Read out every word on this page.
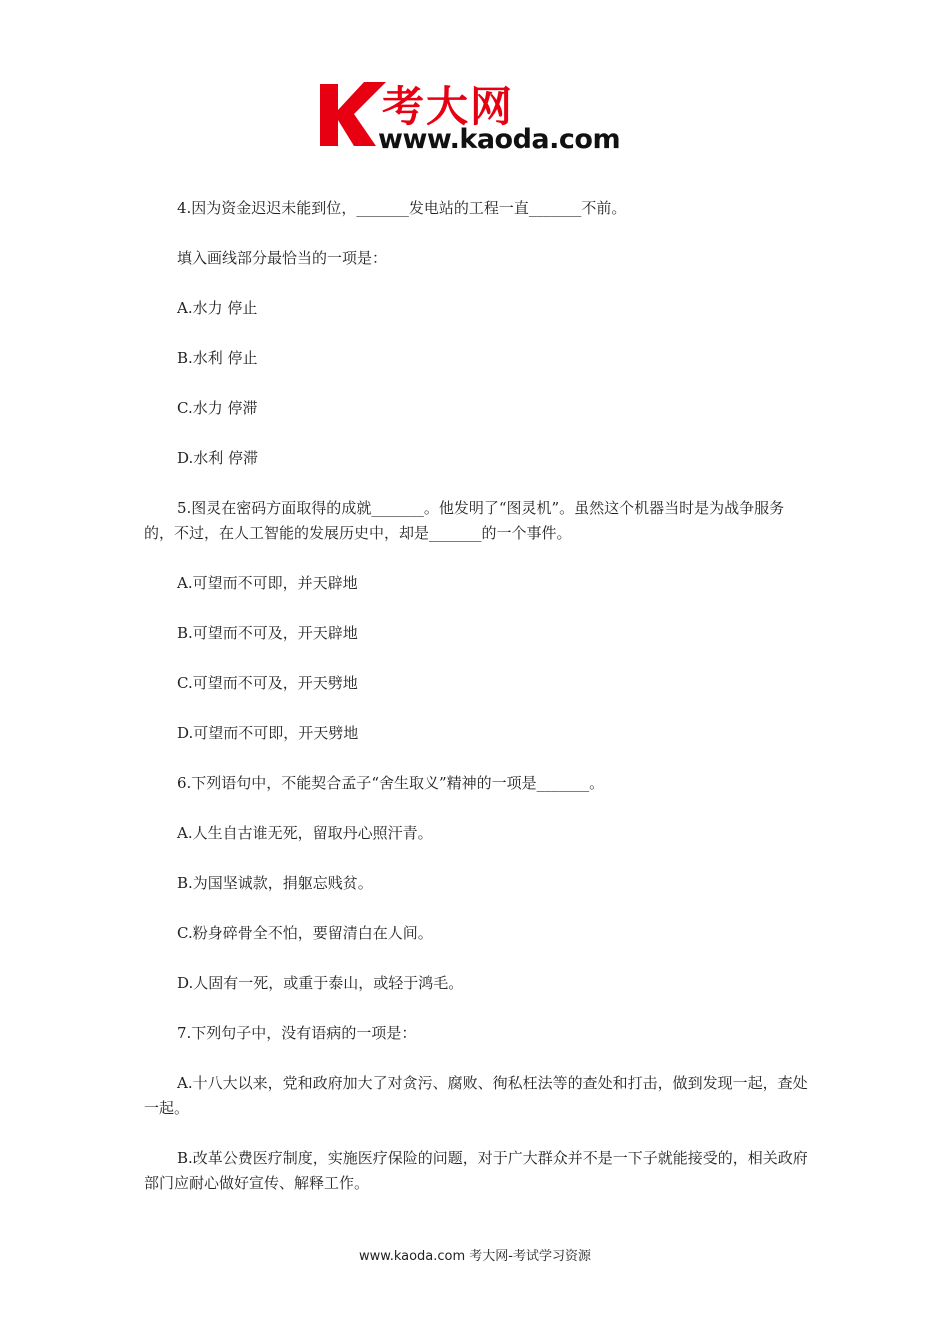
考大网
www.kaoda.com

4.因为资金迟迟未能到位，_______发电站的工程一直_______不前。

填入画线部分最恰当的一项是：

A.水力 停止

B.水利 停止

C.水力 停滞

D.水利 停滞

5.图灵在密码方面取得的成就_______。他发明了“图灵机”。虽然这个机器当时是为战争服务的，不过，在人工智能的发展历史中，却是_______的一个事件。

A.可望而不可即，并天辟地

B.可望而不可及，开天辟地

C.可望而不可及，开天劈地

D.可望而不可即，开天劈地

6.下列语句中，不能契合孟子“舍生取义”精神的一项是_______。

A.人生自古谁无死，留取丹心照汗青。

B.为国坚诚款，捐躯忘贱贫。

C.粉身碎骨全不怕，要留清白在人间。

D.人固有一死，或重于泰山，或轻于鸿毛。

7.下列句子中，没有语病的一项是：

A.十八大以来，党和政府加大了对贪污、腐败、徇私枉法等的查处和打击，做到发现一起，查处一起。

B.改革公费医疗制度，实施医疗保险的问题，对于广大群众并不是一下子就能接受的，相关政府部门应耐心做好宣传、解释工作。

www.kaoda.com 考大网-考试学习资源
